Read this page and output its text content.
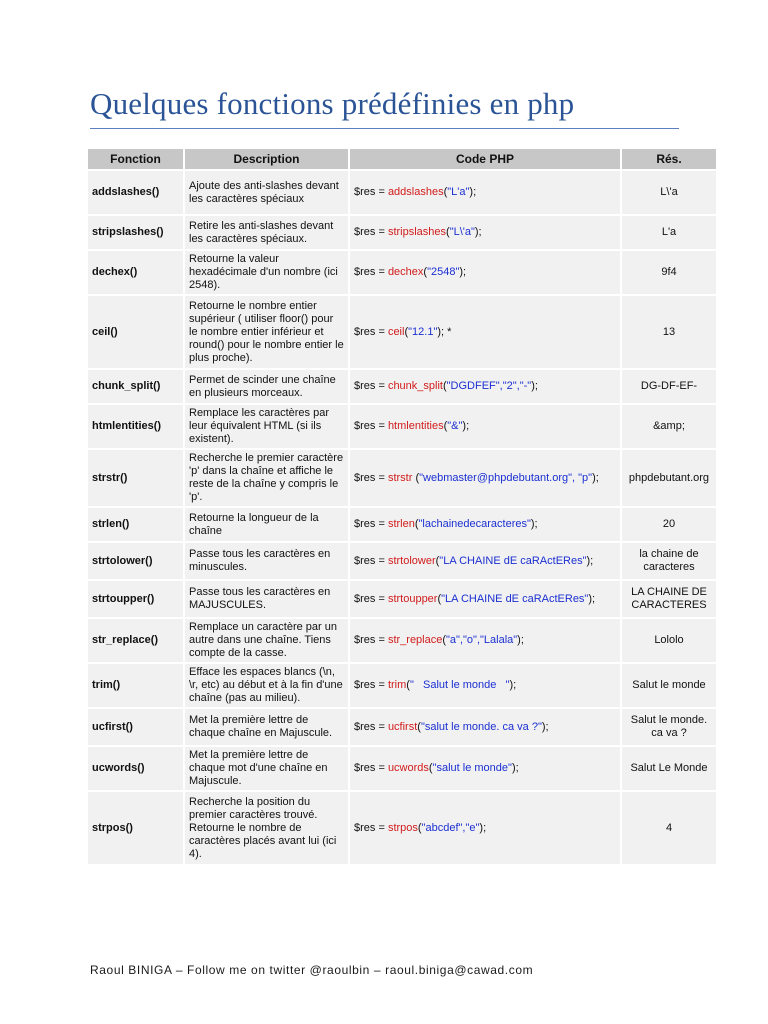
Quelques fonctions prédéfinies en php
Fonction	Description	Code PHP	Rés.
addslashes()	Ajoute des anti-slashes devant les caractères spéciaux	$res = addslashes("L'a");	L\'a
stripslashes()	Retire les anti-slashes devant les caractères spéciaux.	$res = stripslashes("L\'a");	L'a
dechex()	Retourne la valeur hexadécimale d'un nombre (ici 2548).	$res = dechex("2548");	9f4
ceil()	Retourne le nombre entier supérieur ( utiliser floor() pour le nombre entier inférieur et round() pour le nombre entier le plus proche).	$res = ceil("12.1"); *	13
chunk_split()	Permet de scinder une chaîne en plusieurs morceaux.	$res = chunk_split("DGDFEF","2","-");	DG-DF-EF-
htmlentities()	Remplace les caractères par leur équivalent HTML (si ils existent).	$res = htmlentities("&");	&amp;
strstr()	Recherche le premier caractère 'p' dans la chaîne et affiche le reste de la chaîne y compris le 'p'.	$res = strstr ("webmaster@phpdebutant.org", "p");	phpdebutant.org
strlen()	Retourne la longueur de la chaîne	$res = strlen("lachainedecaracteres");	20
strtolower()	Passe tous les caractères en minuscules.	$res = strtolower("LA CHAINE dE caRActERes");	la chaine de caracteres
strtoupper()	Passe tous les caractères en MAJUSCULES.	$res = strtoupper("LA CHAINE dE caRActERes");	LA CHAINE DE CARACTERES
str_replace()	Remplace un caractère par un autre dans une chaîne. Tiens compte de la casse.	$res = str_replace("a","o","Lalala");	Lololo
trim()	Efface les espaces blancs (\n, \r, etc) au début et à la fin d'une chaîne (pas au milieu).	$res = trim("   Salut le monde   ");	Salut le monde
ucfirst()	Met la première lettre de chaque chaîne en Majuscule.	$res = ucfirst("salut le monde. ca va ?");	Salut le monde. ca va ?
ucwords()	Met la première lettre de chaque mot d'une chaîne en Majuscule.	$res = ucwords("salut le monde");	Salut Le Monde
strpos()	Recherche la position du premier caractères trouvé. Retourne le nombre de caractères placés avant lui (ici 4).	$res = strpos("abcdef","e");	4
Raoul BINIGA – Follow me on twitter @raoulbin – raoul.biniga@cawad.com
